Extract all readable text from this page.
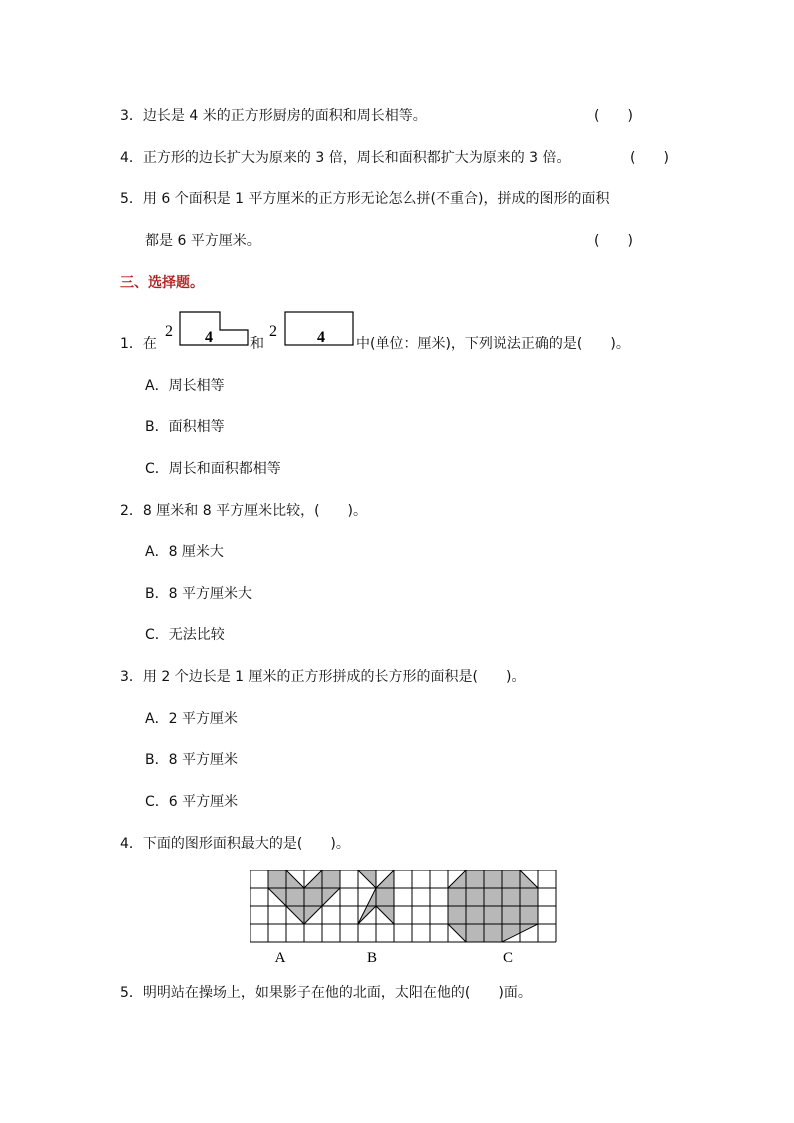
3．边长是 4 米的正方形厨房的面积和周长相等。	(　　)
4．正方形的边长扩大为原来的 3 倍，周长和面积都扩大为原来的 3 倍。	(　　)
5．用 6 个面积是 1 平方厘米的正方形无论怎么拼(不重合)，拼成的图形的面积
都是 6 平方厘米。	(　　)
三、选择题。
1．在
2 4	和
2	4 中(单位：厘米)，下列说法正确的是(　　)。
A．周长相等
B．面积相等
C．周长和面积都相等
2．8 厘米和 8 平方厘米比较，(　　)。
A．8 厘米大
B．8 平方厘米大
C．无法比较
3．用 2 个边长是 1 厘米的正方形拼成的长方形的面积是(　　)。
A．2 平方厘米
B．8 平方厘米
C．6 平方厘米
4．下面的图形面积最大的是(　　)。
A	B	C
5．明明站在操场上，如果影子在他的北面，太阳在他的(　　)面。
